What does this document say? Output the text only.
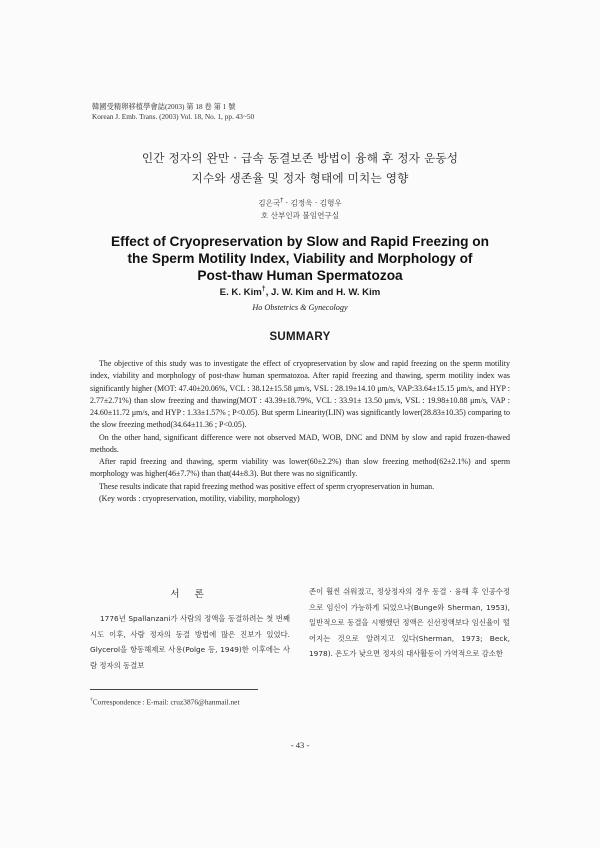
韓國受精卵移植學會誌(2003) 第 18 卷 第 1 號
Korean J. Emb. Trans. (2003) Vol. 18, No. 1, pp. 43~50
인간 정자의 완만 · 급속 동결보존 방법이 융해 후 정자 운동성
지수와 생존율 및 정자 형태에 미치는 영향
김은국† · 김정욱 · 김형우
호 산부인과 불임연구실
Effect of Cryopreservation by Slow and Rapid Freezing on
the Sperm Motility Index, Viability and Morphology of
Post-thaw Human Spermatozoa
E. K. Kim†, J. W. Kim and H. W. Kim
Ho Obstetrics & Gynecology
SUMMARY

The objective of this study was to investigate the effect of cryopreservation by slow and rapid freezing on the sperm motility index, viability and morphology of post-thaw human spermatozoa. After rapid freezing and thawing, sperm motility index was significantly higher (MOT: 47.40±20.06%, VCL : 38.12±15.58 μm/s, VSL : 28.19±14.10 μm/s, VAP:33.64±15.15 μm/s, and HYP : 2.77±2.71%) than slow freezing and thawing(MOT : 43.39±18.79%, VCL : 33.91± 13.50 μm/s, VSL : 19.98±10.88 μm/s, VAP : 24.60±11.72 μm/s, and HYP : 1.33±1.57% ; P<0.05). But sperm Linearity(LIN) was significantly lower(28.83±10.35) comparing to the slow freezing method(34.64±11.36 ; P<0.05).

On the other hand, significant difference were not observed MAD, WOB, DNC and DNM by slow and rapid frozen-thawed methods.

After rapid freezing and thawing, sperm viability was lower(60±2.2%) than slow freezing method(62±2.1%) and sperm morphology was higher(46±7.7%) than that(44±8.3). But there was no significantly.

These results indicate that rapid freezing method was positive effect of sperm cryopreservation in human.

(Key words : cryopreservation, motility, viability, morphology)

서 론

1776년 Spallanzani가 사람의 정액을 동결하려는 첫 번째 시도 이후, 사람 정자의 동결 방법에 많은 진보가 있었다. Glycerol을 항동해제로 사용(Polge 등, 1949)한 이후에는 사람 정자의 동결보

존이 훨씬 쉬워졌고, 정상정자의 경우 동결 · 융해 후 인공수정으로 임신이 가능하게 되었으나(Bunge와 Sherman, 1953), 일반적으로 동결을 시행했던 정액은 신선정액보다 임신율이 떨어지는 것으로 알려지고 있다(Sherman, 1973; Beck, 1978). 온도가 낮으면 정자의 대사활동이 가역적으로 감소한

†Correspondence : E-mail: cruz3876@hanmail.net
- 43 -
